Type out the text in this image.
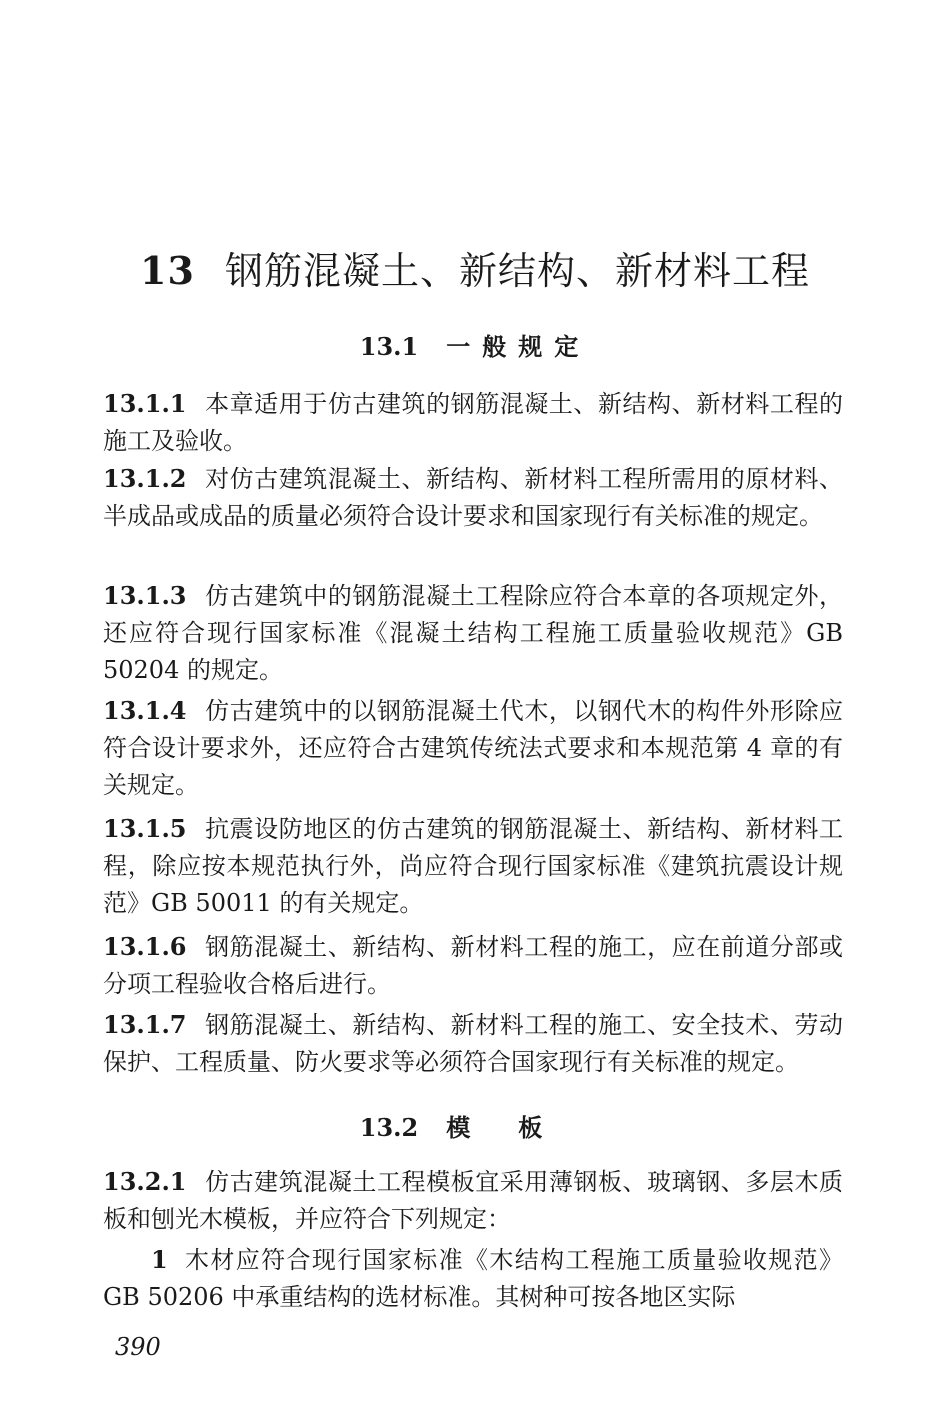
13 钢筋混凝土、新结构、新材料工程
13.1 一般规定
13.1.1 本章适用于仿古建筑的钢筋混凝土、新结构、新材料工程的施工及验收。
13.1.2 对仿古建筑混凝土、新结构、新材料工程所需用的原材料、半成品或成品的质量必须符合设计要求和国家现行有关标准的规定。
13.1.3 仿古建筑中的钢筋混凝土工程除应符合本章的各项规定外，还应符合现行国家标准《混凝土结构工程施工质量验收规范》GB 50204 的规定。
13.1.4 仿古建筑中的以钢筋混凝土代木，以钢代木的构件外形除应符合设计要求外，还应符合古建筑传统法式要求和本规范第 4 章的有关规定。
13.1.5 抗震设防地区的仿古建筑的钢筋混凝土、新结构、新材料工程，除应按本规范执行外，尚应符合现行国家标准《建筑抗震设计规范》GB 50011 的有关规定。
13.1.6 钢筋混凝土、新结构、新材料工程的施工，应在前道分部或分项工程验收合格后进行。
13.1.7 钢筋混凝土、新结构、新材料工程的施工、安全技术、劳动保护、工程质量、防火要求等必须符合国家现行有关标准的规定。
13.2 模板
13.2.1 仿古建筑混凝土工程模板宜采用薄钢板、玻璃钢、多层木质板和刨光木模板，并应符合下列规定：
1 木材应符合现行国家标准《木结构工程施工质量验收规范》GB 50206 中承重结构的选材标准。其树种可按各地区实际
390
